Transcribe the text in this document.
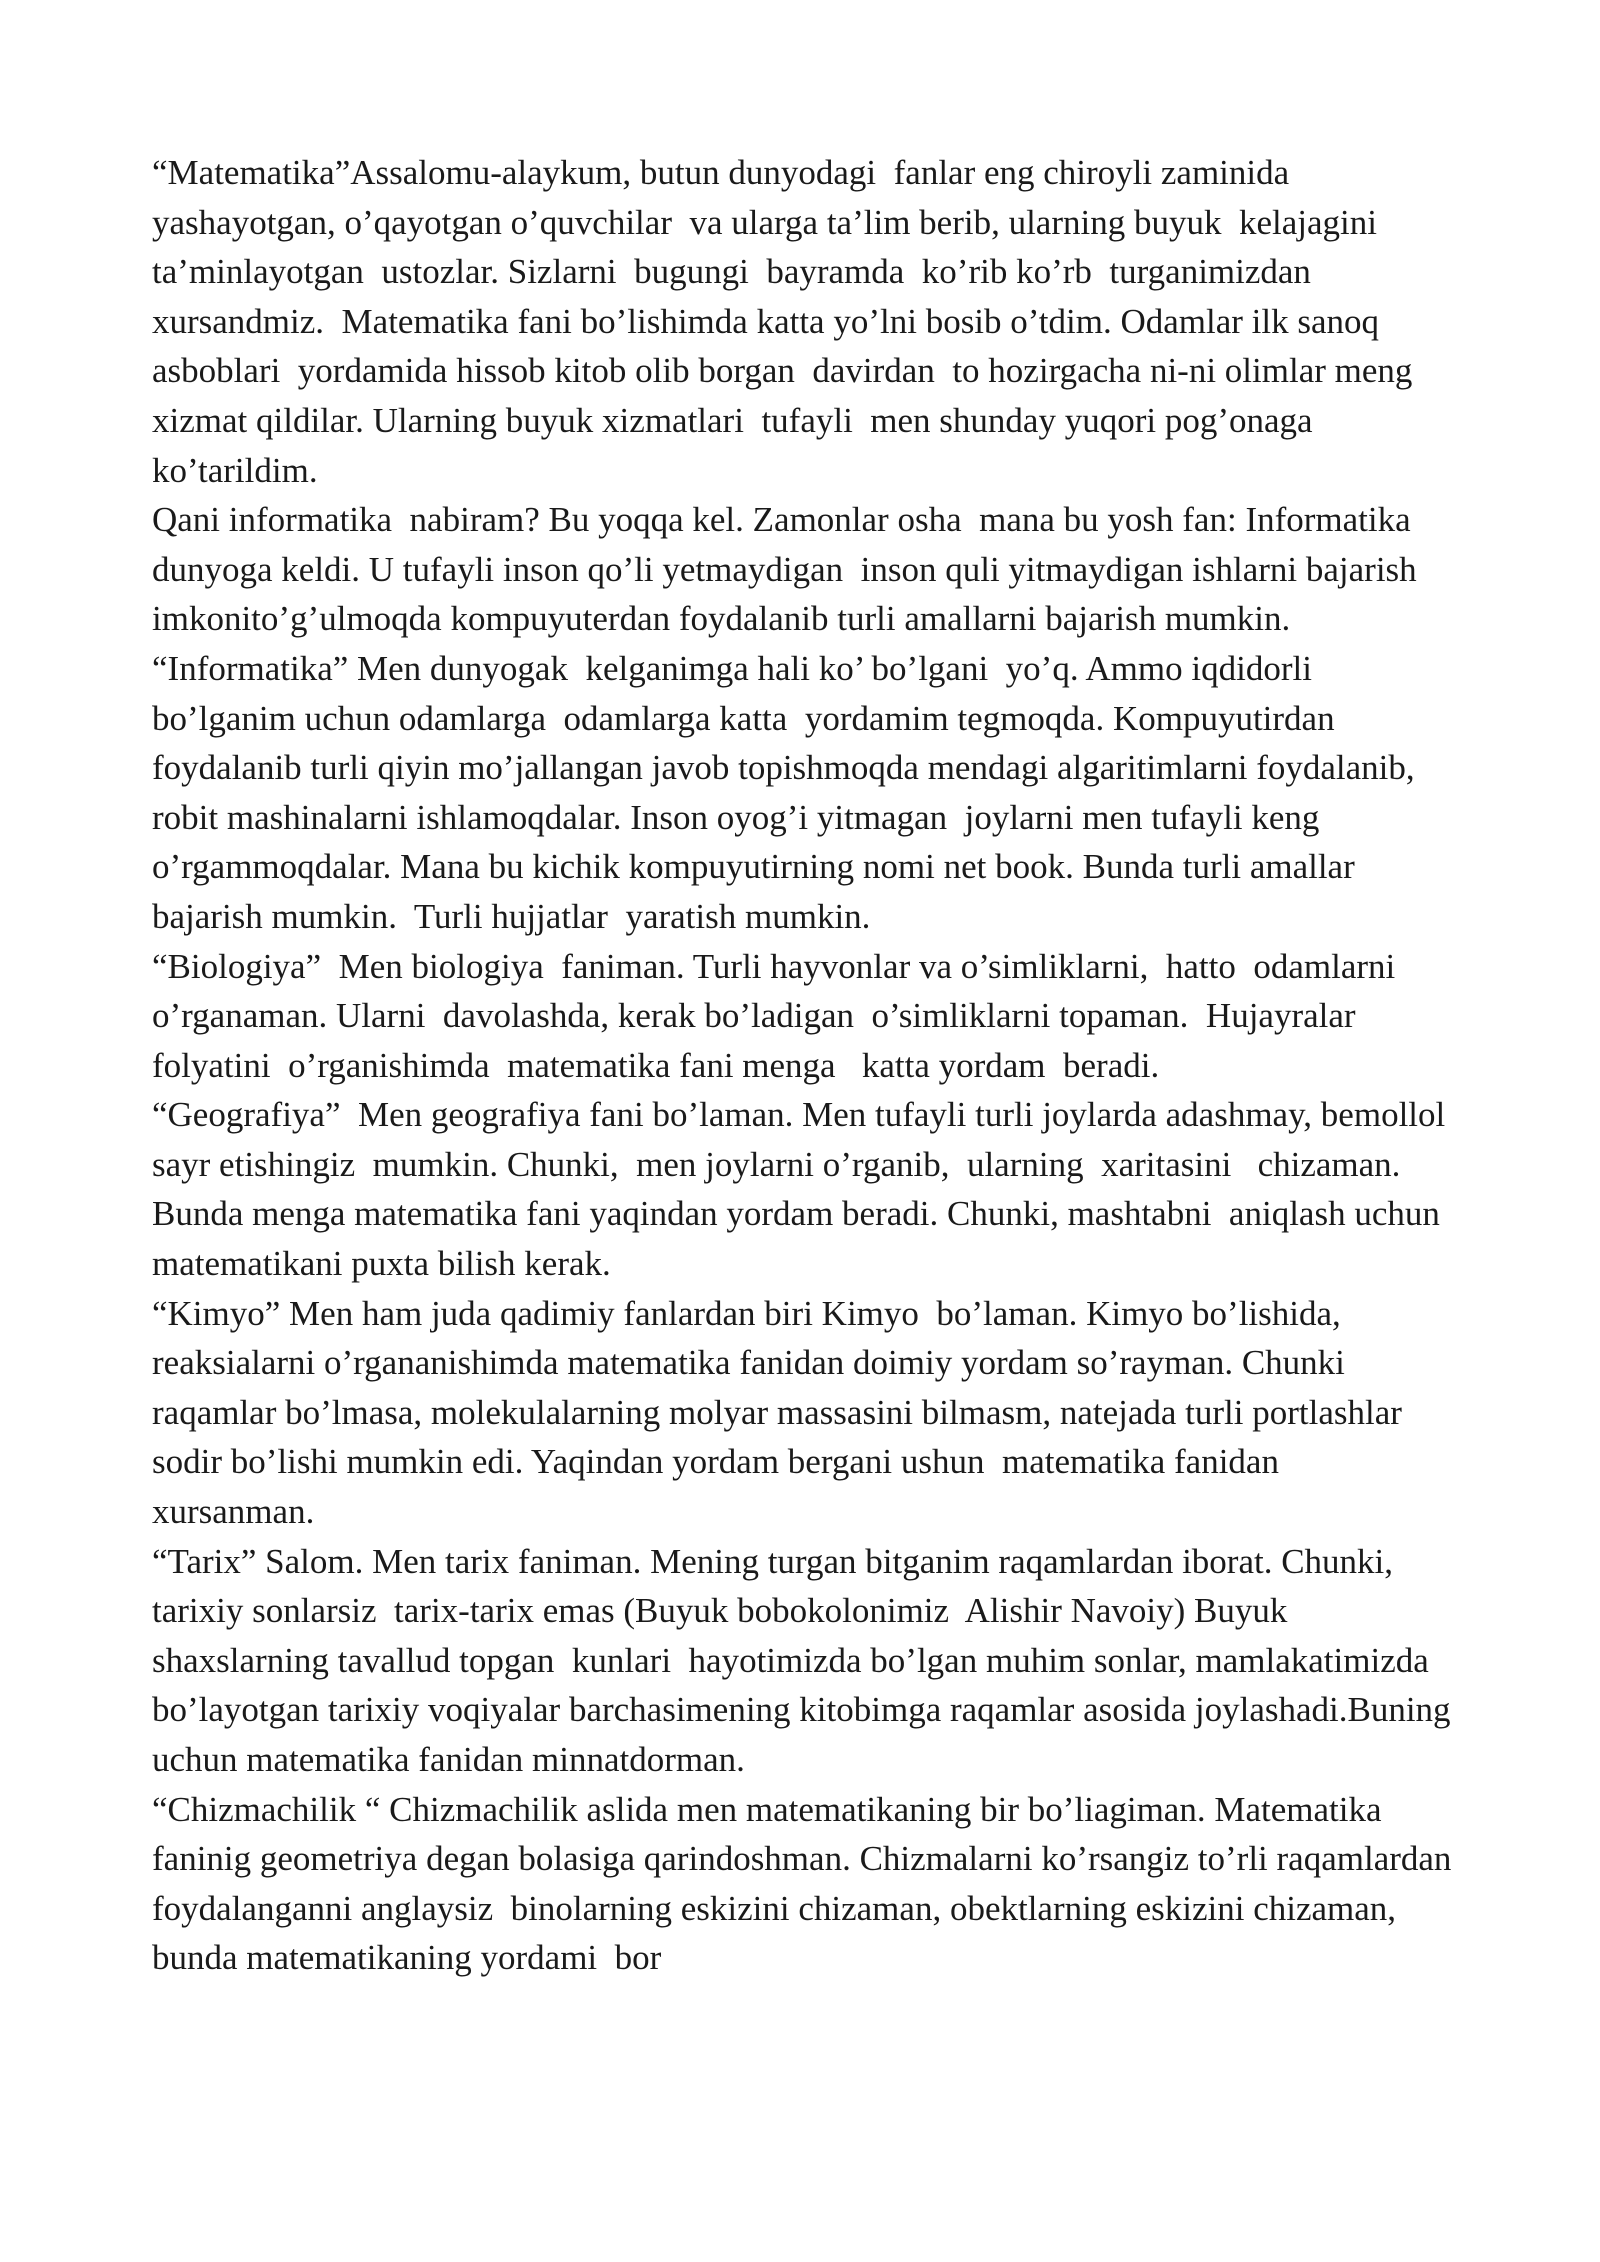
“Matematika”Assalomu-alaykum, butun dunyodagi  fanlar eng chiroyli zaminida
yashayotgan, o’qayotgan o’quvchilar  va ularga ta’lim berib, ularning buyuk  kelajagini
ta’minlayotgan  ustozlar. Sizlarni  bugungi  bayramda  ko’rib ko’rb  turganimizdan
xursandmiz.  Matematika fani bo’lishimda katta yo’lni bosib o’tdim. Odamlar ilk sanoq
asboblari  yordamida hissob kitob olib borgan  davirdan  to hozirgacha ni-ni olimlar meng
xizmat qildilar. Ularning buyuk xizmatlari  tufayli  men shunday yuqori pog’onaga
ko’tarildim.
Qani informatika  nabiram? Bu yoqqa kel. Zamonlar osha  mana bu yosh fan: Informatika
dunyoga keldi. U tufayli inson qo’li yetmaydigan  inson quli yitmaydigan ishlarni bajarish
imkonito’g’ulmoqda kompuyuterdan foydalanib turli amallarni bajarish mumkin.
“Informatika” Men dunyogak  kelganimga hali ko’ bo’lgani  yo’q. Ammo iqdidorli
bo’lganim uchun odamlarga  odamlarga katta  yordamim tegmoqda. Kompuyutirdan
foydalanib turli qiyin mo’jallangan javob topishmoqda mendagi algaritimlarni foydalanib,
robit mashinalarni ishlamoqdalar. Inson oyog’i yitmagan  joylarni men tufayli keng
o’rgammoqdalar. Mana bu kichik kompuyutirning nomi net book. Bunda turli amallar
bajarish mumkin.  Turli hujjatlar  yaratish mumkin.
“Biologiya”  Men biologiya  faniman. Turli hayvonlar va o’simliklarni,  hatto  odamlarni
o’rganaman. Ularni  davolashda, kerak bo’ladigan  o’simliklarni topaman.  Hujayralar
folyatini  o’rganishimda  matematika fani menga   katta yordam  beradi.
“Geografiya”  Men geografiya fani bo’laman. Men tufayli turli joylarda adashmay, bemollol
sayr etishingiz  mumkin. Chunki,  men joylarni o’rganib,  ularning  xaritasini   chizaman.
Bunda menga matematika fani yaqindan yordam beradi. Chunki, mashtabni  aniqlash uchun
matematikani puxta bilish kerak.
“Kimyo” Men ham juda qadimiy fanlardan biri Kimyo  bo’laman. Kimyo bo’lishida,
reaksialarni o’rgananishimda matematika fanidan doimiy yordam so’rayman. Chunki
raqamlar bo’lmasa, molekulalarning molyar massasini bilmasm, natejada turli portlashlar
sodir bo’lishi mumkin edi. Yaqindan yordam bergani ushun  matematika fanidan
xursanman.
“Tarix” Salom. Men tarix faniman. Mening turgan bitganim raqamlardan iborat. Chunki,
tarixiy sonlarsiz  tarix-tarix emas (Buyuk bobokolonimiz  Alishir Navoiy) Buyuk
shaxslarning tavallud topgan  kunlari  hayotimizda bo’lgan muhim sonlar, mamlakatimizda
bo’layotgan tarixiy voqiyalar barchasimening kitobimga raqamlar asosida joylashadi.Buning
uchun matematika fanidan minnatdorman.
“Chizmachilik “ Chizmachilik aslida men matematikaning bir bo’liagiman. Matematika
faninig geometriya degan bolasiga qarindoshman. Chizmalarni ko’rsangiz to’rli raqamlardan
foydalanganni anglaysiz  binolarning eskizini chizaman, obektlarning eskizini chizaman,
bunda matematikaning yordami  bor
